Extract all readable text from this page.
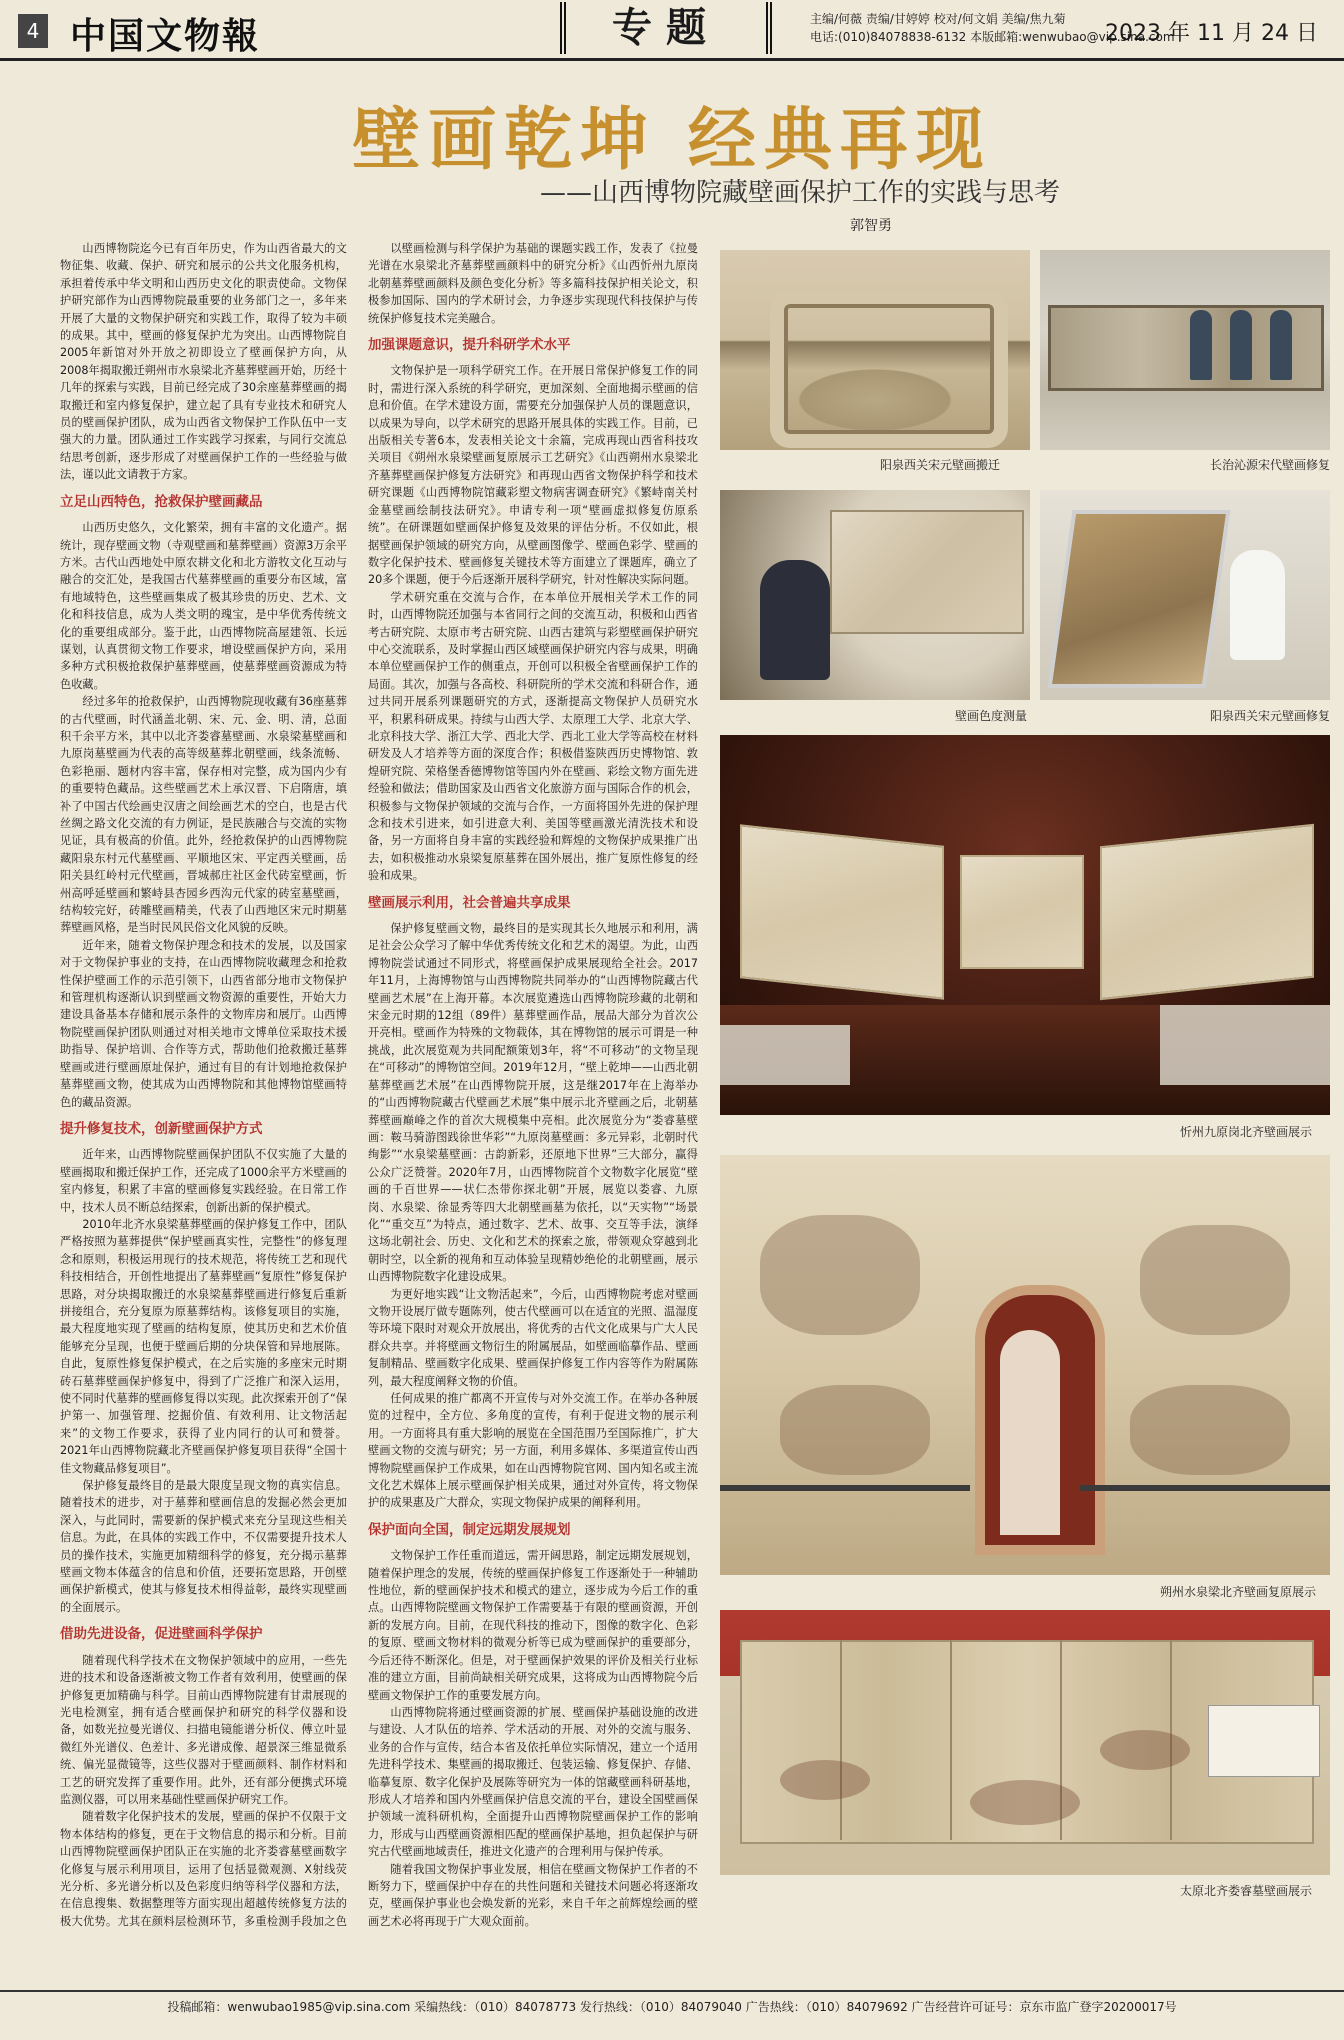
4 中国文物報	专题	主编/何薇 责编/甘婷婷 校对/何文娟 美编/焦九菊
电话:(010)84078838-6132 本版邮箱:wenwubao@vip.sina.com
2023 年 11 月 24 日
壁画乾坤 经典再现
——山西博物院藏壁画保护工作的实践与思考
郭智勇

山西博物院迄今已有百年历史，作为山西省最大的文物征集、收藏、保护、研究和展示的公共文化服务机构，承担着传承中华文明和山西历史文化的职责使命。文物保护研究部作为山西博物院最重要的业务部门之一，多年来开展了大量的文物保护研究和实践工作，取得了较为丰硕的成果。其中，壁画的修复保护尤为突出。山西博物院自2005年新馆对外开放之初即设立了壁画保护方向，从2008年揭取搬迁朔州市水泉梁北齐墓葬壁画开始，历经十几年的探索与实践，目前已经完成了30余座墓葬壁画的揭取搬迁和室内修复保护，建立起了具有专业技术和研究人员的壁画保护团队，成为山西省文物保护工作队伍中一支强大的力量。团队通过工作实践学习探索，与同行交流总结思考创新，逐步形成了对壁画保护工作的一些经验与做法，谨以此文请教于方家。

立足山西特色，抢救保护壁画藏品

山西历史悠久，文化繁荣，拥有丰富的文化遗产。据统计，现存壁画文物（寺观壁画和墓葬壁画）资源3万余平方米。古代山西地处中原农耕文化和北方游牧文化互动与融合的交汇处，是我国古代墓葬壁画的重要分布区域，富有地域特色，这些壁画集成了极其珍贵的历史、艺术、文化和科技信息，成为人类文明的瑰宝，是中华优秀传统文化的重要组成部分。鉴于此，山西博物院高屋建瓴、长远谋划，认真贯彻文物工作要求，增设壁画保护方向，采用多种方式积极抢救保护墓葬壁画，使墓葬壁画资源成为特色收藏。

经过多年的抢救保护，山西博物院现收藏有36座墓葬的古代壁画，时代涵盖北朝、宋、元、金、明、清，总面积千余平方米，其中以北齐娄睿墓壁画、水泉梁墓壁画和九原岗墓壁画为代表的高等级墓葬北朝壁画，线条流畅、色彩艳丽、题材内容丰富，保存相对完整，成为国内少有的重要特色藏品。这些壁画艺术上承汉晋、下启隋唐，填补了中国古代绘画史汉唐之间绘画艺术的空白，也是古代丝绸之路文化交流的有力例证，是民族融合与交流的实物见证，具有极高的价值。此外，经抢救保护的山西博物院藏阳泉东村元代墓壁画、平顺地区宋、平定西关壁画，岳阳关县红岭村元代壁画，晋城郝庄社区金代砖室壁画，忻州高呼延壁画和繁峙县杏园乡西沟元代家的砖室墓壁画，结构较完好，砖雕壁画精美，代表了山西地区宋元时期墓葬壁画风格，是当时民风民俗文化风貌的反映。

近年来，随着文物保护理念和技术的发展，以及国家对于文物保护事业的支持，在山西博物院收藏理念和抢救性保护壁画工作的示范引领下，山西省部分地市文物保护和管理机构逐渐认识到壁画文物资源的重要性，开始大力建设具备基本存储和展示条件的文物库房和展厅。山西博物院壁画保护团队则通过对相关地市文博单位采取技术援助指导、保护培训、合作等方式，帮助他们抢救搬迁墓葬壁画或进行壁画原址保护，通过有目的有计划地抢救保护墓葬壁画文物，使其成为山西博物院和其他博物馆壁画特色的藏品资源。

提升修复技术，创新壁画保护方式

近年来，山西博物院壁画保护团队不仅实施了大量的壁画揭取和搬迁保护工作，还完成了1000余平方米壁画的室内修复，积累了丰富的壁画修复实践经验。在日常工作中，技术人员不断总结探索，创新出新的保护模式。

2010年北齐水泉梁墓葬壁画的保护修复工作中，团队严格按照为墓葬提供“保护壁画真实性，完整性”的修复理念和原则，积极运用现行的技术规范，将传统工艺和现代科技相结合，开创性地提出了墓葬壁画“复原性”修复保护思路，对分块揭取搬迁的水泉梁墓葬壁画进行修复后重新拼接组合，充分复原为原墓葬结构。该修复项目的实施，最大程度地实现了壁画的结构复原，使其历史和艺术价值能够充分呈现，也便于壁画后期的分块保管和异地展陈。自此，复原性修复保护模式，在之后实施的多座宋元时期砖石墓葬壁画保护修复中，得到了广泛推广和深入运用，使不同时代墓葬的壁画修复得以实现。此次探索开创了“保护第一、加强管理、挖掘价值、有效利用、让文物活起来”的文物工作要求，获得了业内同行的认可和赞誉。2021年山西博物院藏北齐壁画保护修复项目获得“全国十佳文物藏品修复项目”。

保护修复最终目的是最大限度呈现文物的真实信息。随着技术的进步，对于墓葬和壁画信息的发掘必然会更加深入，与此同时，需要新的保护模式来充分呈现这些相关信息。为此，在具体的实践工作中，不仅需要提升技术人员的操作技术，实施更加精细科学的修复，充分揭示墓葬壁画文物本体蕴含的信息和价值，还要拓宽思路，开创壁画保护新模式，使其与修复技术相得益彰，最终实现壁画的全面展示。

借助先进设备，促进壁画科学保护

随着现代科学技术在文物保护领域中的应用，一些先进的技术和设备逐渐被文物工作者有效利用，使壁画的保护修复更加精确与科学。目前山西博物院建有甘肃展现的光电检测室，拥有适合壁画保护和研究的科学仪器和设备，如数光拉曼光谱仪、扫描电镜能谱分析仪、傅立叶显微红外光谱仪、色差计、多光谱成像、超景深三维显微系统、偏光显微镜等，这些仪器对于壁画颜料、制作材料和工艺的研究发挥了重要作用。此外，还有部分便携式环境监测仪器，可以用来基础性壁画保护研究工作。

随着数字化保护技术的发展，壁画的保护不仅限于文物本体结构的修复，更在于文物信息的揭示和分析。目前山西博物院壁画保护团队正在实施的北齐娄睿墓壁画数字化修复与展示利用项目，运用了包括显微观测、X射线荧光分析、多光谱分析以及色彩度归纳等科学仪器和方法，在信息搜集、数据整理等方面实现出超越传统修复方法的极大优势。尤其在颜料层检测环节，多重检测手段加之色

以壁画检测与科学保护为基础的课题实践工作，发表了《拉曼光谱在水泉梁北齐墓葬壁画颜料中的研究分析》《山西忻州九原岗北朝墓葬壁画颜料及颜色变化分析》等多篇科技保护相关论文，积极参加国际、国内的学术研讨会，力争逐步实现现代科技保护与传统保护修复技术完美融合。

加强课题意识，提升科研学术水平

文物保护是一项科学研究工作。在开展日常保护修复工作的同时，需进行深入系统的科学研究，更加深刻、全面地揭示壁画的信息和价值。在学术建设方面，需要充分加强保护人员的课题意识，以成果为导向，以学术研究的思路开展具体的实践工作。目前，已出版相关专著6本，发表相关论文十余篇，完成再现山西省科技攻关项目《朔州水泉梁壁画复原展示工艺研究》《山西朔州水泉梁北齐墓葬壁画保护修复方法研究》和再现山西省文物保护科学和技术研究课题《山西博物院馆藏彩塑文物病害调查研究》《繁峙南关村金墓壁画绘制技法研究》。申请专利一项“壁画虚拟修复仿原系统”。在研课题如壁画保护修复及效果的评估分析。不仅如此，根据壁画保护领域的研究方向，从壁画图像学、壁画色彩学、壁画的数字化保护技术、壁画修复关键技术等方面建立了课题库，确立了20多个课题，便于今后逐渐开展科学研究，针对性解决实际问题。

学术研究重在交流与合作，在本单位开展相关学术工作的同时，山西博物院还加强与本省同行之间的交流互动，积极和山西省考古研究院、太原市考古研究院、山西古建筑与彩塑壁画保护研究中心交流联系，及时掌握山西区域壁画保护研究内容与成果，明确本单位壁画保护工作的侧重点，开创可以积极全省壁画保护工作的局面。其次，加强与各高校、科研院所的学术交流和科研合作，通过共同开展系列课题研究的方式，逐渐提高文物保护人员研究水平，积累科研成果。持续与山西大学、太原理工大学、北京大学、北京科技大学、浙江大学、西北大学、西北工业大学等高校在材料研发及人才培养等方面的深度合作；积极借鉴陕西历史博物馆、敦煌研究院、荣格堡香德博物馆等国内外在壁画、彩绘文物方面先进经验和做法；借助国家及山西省文化旅游方面与国际合作的机会，积极参与文物保护领域的交流与合作，一方面将国外先进的保护理念和技术引进来，如引进意大利、美国等壁画激光清洗技术和设备，另一方面将自身丰富的实践经验和辉煌的文物保护成果推广出去，如积极推动水泉梁复原墓葬在国外展出，推广复原性修复的经验和成果。

壁画展示利用，社会普遍共享成果

保护修复壁画文物，最终目的是实现其长久地展示和利用，满足社会公众学习了解中华优秀传统文化和艺术的渴望。为此，山西博物院尝试通过不同形式，将壁画保护成果展现给全社会。2017年11月，上海博物馆与山西博物院共同举办的“山西博物院藏古代壁画艺术展”在上海开幕。本次展览遴选山西博物院珍藏的北朝和宋金元时期的12组（89件）墓葬壁画作品，展品大部分为首次公开亮相。壁画作为特殊的文物载体，其在博物馆的展示可谓是一种挑战，此次展览观为共同配额策划3年，将“不可移动”的文物呈现在“可移动”的博物馆空间。2019年12月，“壁上乾坤——山西北朝墓葬壁画艺术展”在山西博物院开展，这是继2017年在上海举办的“山西博物院藏古代壁画艺术展”集中展示北齐壁画之后，北朝墓葬壁画巅峰之作的首次大规模集中亮相。此次展览分为“娄睿墓壁画：鞍马骑游图践徐世华彩”“九原岗墓壁画：多元异彩，北朝时代绚影”“水泉梁墓壁画：古韵新彩，还原地下世界”三大部分，赢得公众广泛赞誉。2020年7月，山西博物院首个文物数字化展览“壁画的千百世界——状仁杰带你探北朝”开展，展览以娄睿、九原岗、水泉梁、徐显秀等四大北朝壁画墓为依托，以“天实物”“场景化”“重交互”为特点，通过数字、艺术、故事、交互等手法，演绎这场北朝社会、历史、文化和艺术的探索之旅，带领观众穿越到北朝时空，以全新的视角和互动体验呈现精妙绝伦的北朝壁画，展示山西博物院数字化建设成果。

为更好地实践“让文物活起来”，今后，山西博物院考虑对壁画文物开设展厅做专题陈列，使古代壁画可以在适宜的光照、温湿度等环境下限时对观众开放展出，将优秀的古代文化成果与广大人民群众共享。并将壁画文物衍生的附属展品，如壁画临摹作品、壁画复制精品、壁画数字化成果、壁画保护修复工作内容等作为附属陈列，最大程度阐释文物的价值。

任何成果的推广都离不开宣传与对外交流工作。在举办各种展览的过程中，全方位、多角度的宣传，有利于促进文物的展示利用。一方面将具有重大影响的展览在全国范围乃至国际推广，扩大壁画文物的交流与研究；另一方面，利用多媒体、多渠道宣传山西博物院壁画保护工作成果，如在山西博物院官网、国内知名或主流文化艺术媒体上展示壁画保护相关成果，通过对外宣传，将文物保护的成果惠及广大群众，实现文物保护成果的阐释利用。

保护面向全国，制定远期发展规划

文物保护工作任重而道远，需开阔思路，制定远期发展规划，随着保护理念的发展，传统的壁画保护修复工作逐渐处于一种辅助性地位，新的壁画保护技术和模式的建立，逐步成为今后工作的重点。山西博物院壁画文物保护工作需要基于有限的壁画资源，开创新的发展方向。目前，在现代科技的推动下，图像的数字化、色彩的复原、壁画文物材料的微观分析等已成为壁画保护的重要部分，今后还待不断深化。但是，对于壁画保护效果的评价及相关行业标准的建立方面，目前尚缺相关研究成果，这将成为山西博物院今后壁画文物保护工作的重要发展方向。

山西博物院将通过壁画资源的扩展、壁画保护基础设施的改进与建设、人才队伍的培养、学术活动的开展、对外的交流与服务、业务的合作与宣传，结合本省及依托单位实际情况，建立一个适用先进科学技术、集壁画的揭取搬迁、包装运输、修复保护、存储、临摹复原、数字化保护及展陈等研究为一体的馆藏壁画科研基地，形成人才培养和国内外壁画保护信息交流的平台，建设全国壁画保护领域一流科研机构，全面提升山西博物院壁画保护工作的影响力，形成与山西壁画资源相匹配的壁画保护基地，担负起保护与研究古代壁画地域责任，推进文化遗产的合理利用与保护传承。

随着我国文物保护事业发展，相信在壁画文物保护工作者的不断努力下，壁画保护中存在的共性问题和关键技术问题必将逐渐攻克，壁画保护事业也会焕发新的光彩，来自千年之前辉煌绘画的壁画艺术必将再现于广大观众面前。

阳泉西关宋元壁画搬迁	长治沁源宋代壁画修复
壁画色度测量	阳泉西关宋元壁画修复
忻州九原岗北齐壁画展示
朔州水泉梁北齐壁画复原展示
太原北齐娄睿墓壁画展示
投稿邮箱：wenwubao1985@vip.sina.com 采编热线：（010）84078773 发行热线：（010）84079040 广告热线：（010）84079692 广告经营许可证号：京东市监广登字20200017号
